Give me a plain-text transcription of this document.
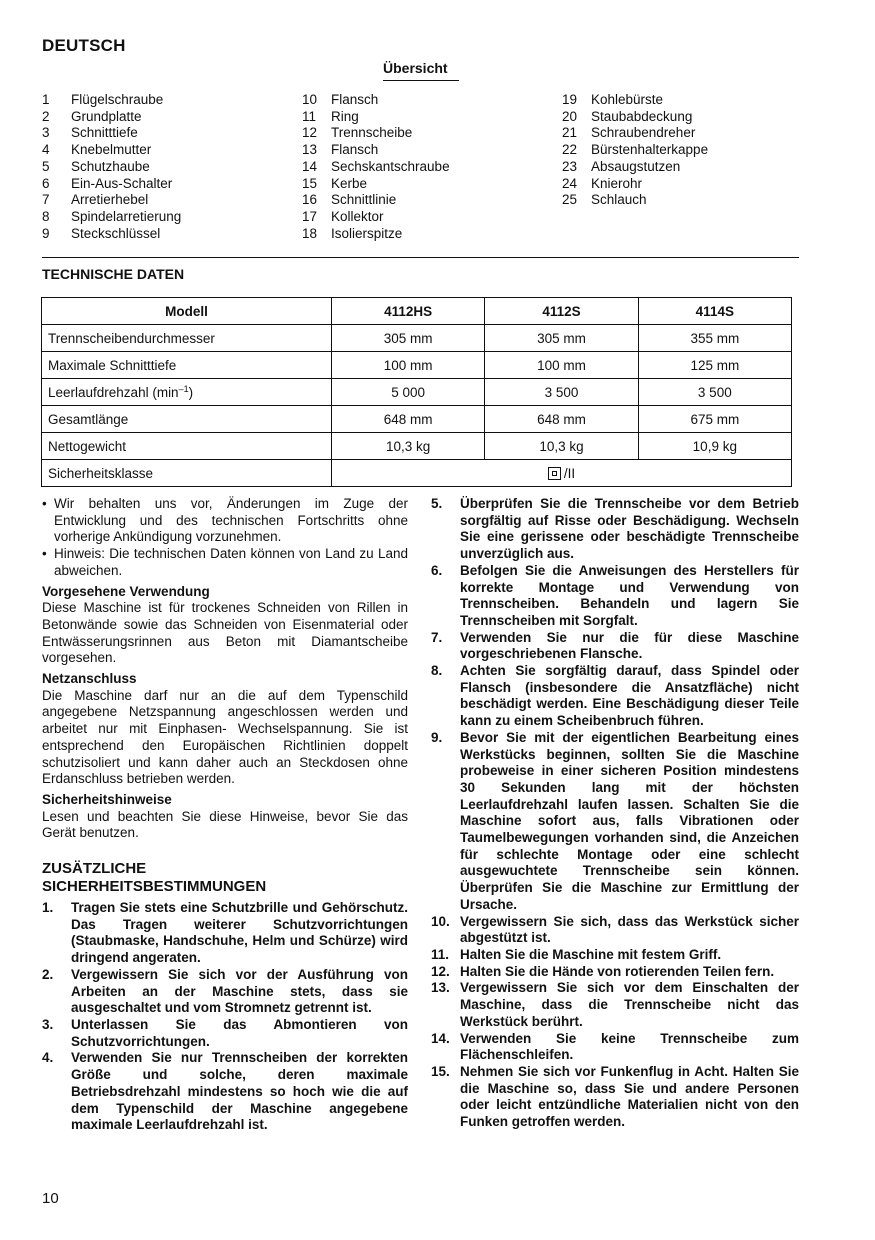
DEUTSCH
Übersicht
1	Flügelschraube
2	Grundplatte
3	Schnitttiefe
4	Knebelmutter
5	Schutzhaube
6	Ein-Aus-Schalter
7	Arretierhebel
8	Spindelarretierung
9	Steckschlüssel
10	Flansch
11	Ring
12	Trennscheibe
13	Flansch
14	Sechskantschraube
15	Kerbe
16	Schnittlinie
17	Kollektor
18	Isolierspitze
19	Kohlebürste
20	Staubabdeckung
21	Schraubendreher
22	Bürstenhalterkappe
23	Absaugstutzen
24	Knierohr
25	Schlauch
TECHNISCHE DATEN
Modell	4112HS	4112S	4114S
Trennscheibendurchmesser	305 mm	305 mm	355 mm
Maximale Schnitttiefe	100 mm	100 mm	125 mm
Leerlaufdrehzahl $(\min^{-1})$	5 000	3 500	3 500
Gesamtlänge	648 mm	648 mm	675 mm
Nettogewicht	10,3 kg	10,3 kg	10,9 kg
Sicherheitsklasse	/II		
• Wir behalten uns vor, Änderungen im Zuge der Entwicklung und des technischen Fortschritts ohne vorherige Ankündigung vorzunehmen.
• Hinweis: Die technischen Daten können von Land zu Land abweichen.
Vorgesehene Verwendung
Diese Maschine ist für trockenes Schneiden von Rillen in Betonwände sowie das Schneiden von Eisenmaterial oder Entwässerungsrinnen aus Beton mit Diamantscheibe vorgesehen.
Netzanschluss
Die Maschine darf nur an die auf dem Typenschild angegebene Netzspannung angeschlossen werden und arbeitet nur mit Einphasen- Wechselspannung. Sie ist entsprechend den Europäischen Richtlinien doppelt schutzisoliert und kann daher auch an Steckdosen ohne Erdanschluss betrieben werden.
Sicherheitshinweise
Lesen und beachten Sie diese Hinweise, bevor Sie das Gerät benutzen.
ZUSÄTZLICHE
SICHERHEITSBESTIMMUNGEN
1.	Tragen Sie stets eine Schutzbrille und Gehörschutz. Das Tragen weiterer Schutzvorrichtungen (Staubmaske, Handschuhe, Helm und Schürze) wird dringend angeraten.
2.	Vergewissern Sie sich vor der Ausführung von Arbeiten an der Maschine stets, dass sie ausgeschaltet und vom Stromnetz getrennt ist.
3.	Unterlassen Sie das Abmontieren von Schutzvorrichtungen.
4.	Verwenden Sie nur Trennscheiben der korrekten Größe und solche, deren maximale Betriebsdrehzahl mindestens so hoch wie die auf dem Typenschild der Maschine angegebene maximale Leerlaufdrehzahl ist.
5.	Überprüfen Sie die Trennscheibe vor dem Betrieb sorgfältig auf Risse oder Beschädigung. Wechseln Sie eine gerissene oder beschädigte Trennscheibe unverzüglich aus.
6.	Befolgen Sie die Anweisungen des Herstellers für korrekte Montage und Verwendung von Trennscheiben. Behandeln und lagern Sie Trennscheiben mit Sorgfalt.
7.	Verwenden Sie nur die für diese Maschine vorgeschriebenen Flansche.
8.	Achten Sie sorgfältig darauf, dass Spindel oder Flansch (insbesondere die Ansatzfläche) nicht beschädigt werden. Eine Beschädigung dieser Teile kann zu einem Scheibenbruch führen.
9.	Bevor Sie mit der eigentlichen Bearbeitung eines Werkstücks beginnen, sollten Sie die Maschine probeweise in einer sicheren Position mindestens 30 Sekunden lang mit der höchsten Leerlaufdrehzahl laufen lassen. Schalten Sie die Maschine sofort aus, falls Vibrationen oder Taumelbewegungen vorhanden sind, die Anzeichen für schlechte Montage oder eine schlecht ausgewuchtete Trennscheibe sein können. Überprüfen Sie die Maschine zur Ermittlung der Ursache.
10. Vergewissern Sie sich, dass das Werkstück sicher abgestützt ist.
11. Halten Sie die Maschine mit festem Griff.
12. Halten Sie die Hände von rotierenden Teilen fern.
13. Vergewissern Sie sich vor dem Einschalten der Maschine, dass die Trennscheibe nicht das Werkstück berührt.
14. Verwenden Sie keine Trennscheibe zum Flächenschleifen.
15. Nehmen Sie sich vor Funkenflug in Acht. Halten Sie die Maschine so, dass Sie und andere Personen oder leicht entzündliche Materialien nicht von den Funken getroffen werden.
10
